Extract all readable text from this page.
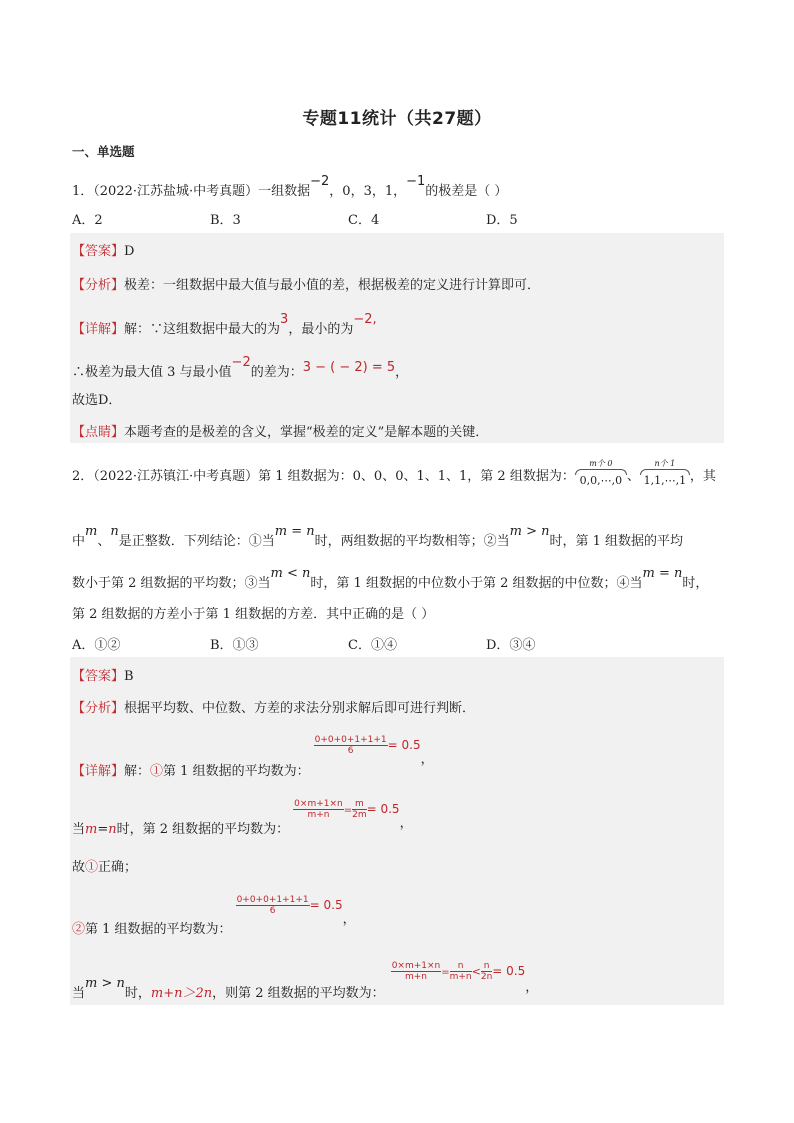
专题11统计（共27题）
一、单选题
1．（2022·江苏盐城·中考真题）一组数据−2，0，3，1，−1的极差是（ ）
A．2	B．3	C．4	D．5
【答案】D
【分析】极差：一组数据中最大值与最小值的差，根据极差的定义进行计算即可．
【详解】解：∵这组数据中最大的为3，最小的为−2,
∴极差为最大值 3 与最小值−2的差为：3 − ( − 2) = 5，
故选D．
【点睛】本题考查的是极差的含义，掌握“极差的定义”是解本题的关键．
2．（2022·江苏镇江·中考真题）第 1 组数据为：0、0、0、1、1、1，第 2 组数据为：
m个 0
0,0,⋯,0 、
n个 1
1,1,⋯,1 ，其
中m、n是正整数．下列结论：①当m = n时，两组数据的平均数相等；②当m > n时，第 1 组数据的平均
数小于第 2 组数据的平均数；③当m < n时，第 1 组数据的中位数小于第 2 组数据的中位数；④当m = n时，
第 2 组数据的方差小于第 1 组数据的方差．其中正确的是（ ）
A．①②	B．①③	C．①④	D．③④
【答案】B
【分析】根据平均数、中位数、方差的求法分别求解后即可进行判断．
【详解】解：①第 1 组数据的平均数为：
$\frac{0+0+0+1+1+1}{6} = 0.5$，
当m=n时，第 2 组数据的平均数为：
$\frac{0\times m+1\times n}{m+n} = \frac{m}{2m} = 0.5$，
故①正确；
②第 1 组数据的平均数为：
$\frac{0+0+0+1+1+1}{6} = 0.5$，
当m > n时，m+n＞2n，则第 2 组数据的平均数为：
$\frac{0\times m+1\times n}{m+n} = \frac{n}{m+n} < \frac{n}{2n} = 0.5$，
